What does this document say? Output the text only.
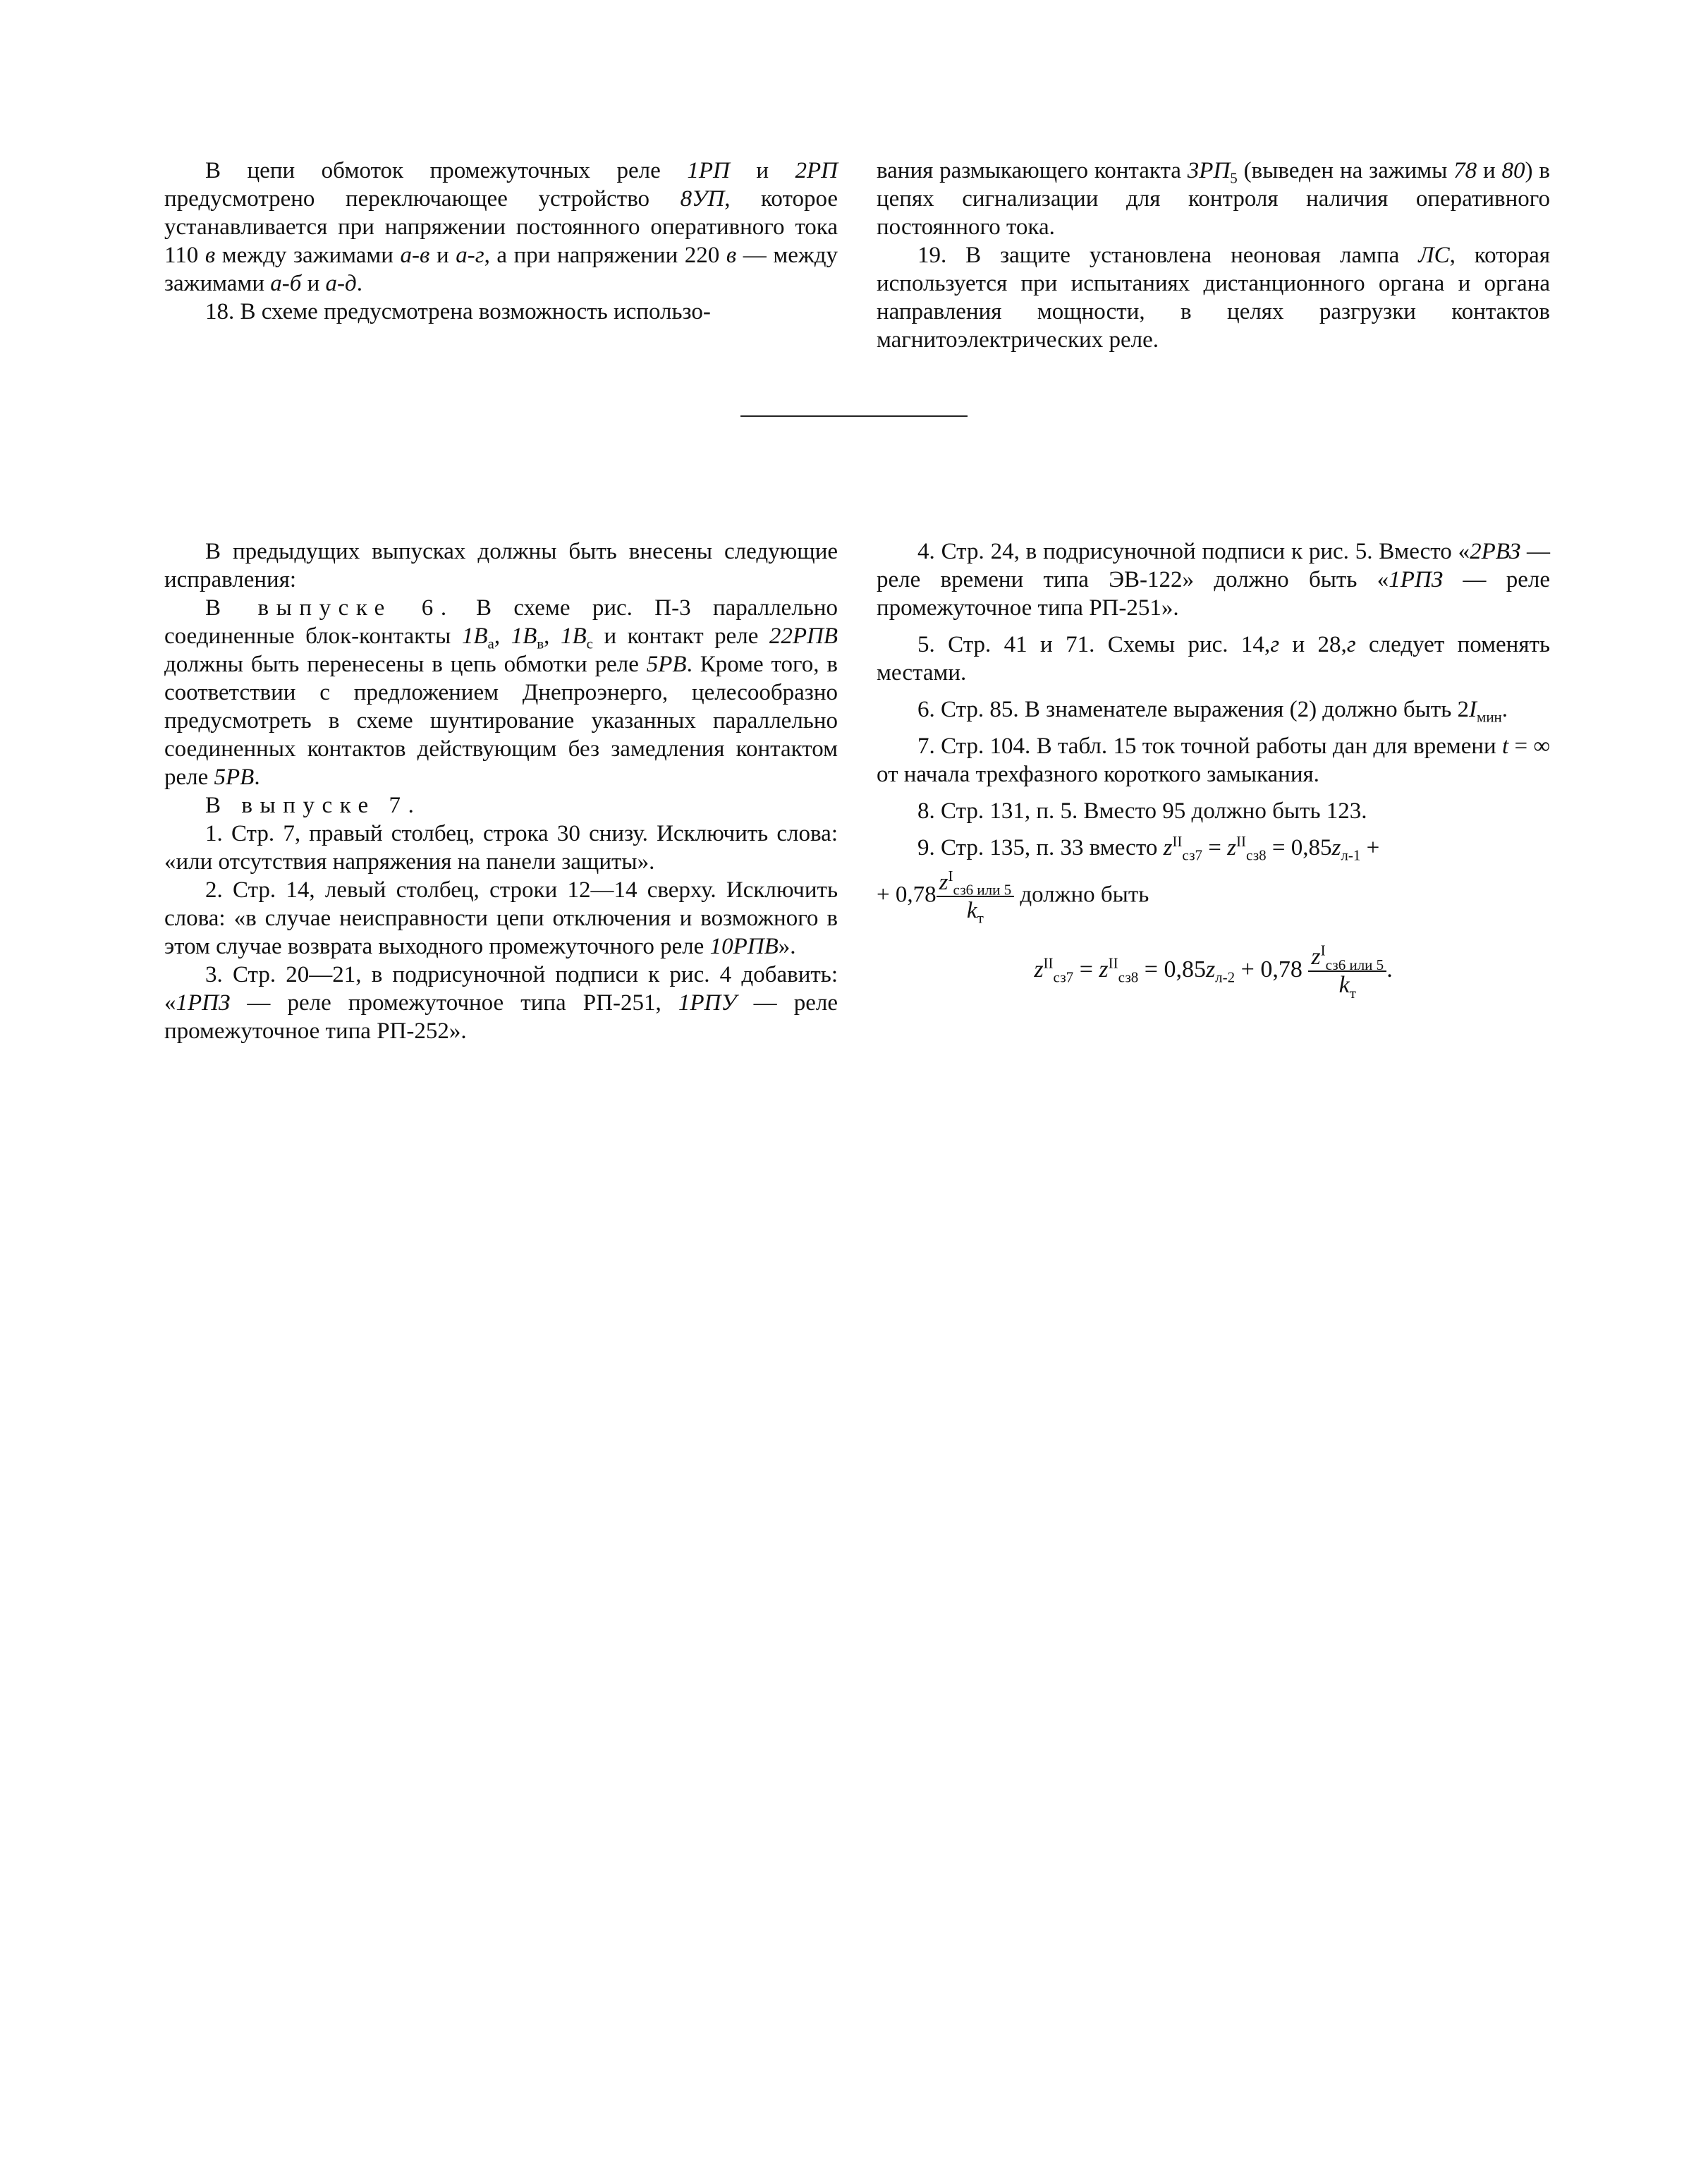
В цепи обмоток промежуточных реле 1РП и 2РП предусмотрено переключающее устройство 8УП, которое устанавливается при напряжении постоянного оперативного тока 110 в между зажимами а-в и а-г, а при напряжении 220 в — между зажимами а-б и а-д.

18. В схеме предусмотрена возможность использо-

вания размыкающего контакта $3РП_5$ (выведен на зажимы 78 и 80) в цепях сигнализации для контроля наличия оперативного постоянного тока.

19. В защите установлена неоновая лампа ЛС, которая используется при испытаниях дистанционного органа и органа направления мощности, в целях разгрузки контактов магнитоэлектрических реле.

В предыдущих выпусках должны быть внесены следующие исправления:

В выпуске 6. В схеме рис. П-3 параллельно соединенные блок-контакты $1В_а$, $1В_в$, $1В_с$ и контакт реле 22РПВ должны быть перенесены в цепь обмотки реле 5РВ. Кроме того, в соответствии с предложением Днепроэнерго, целесообразно предусмотреть в схеме шунтирование указанных параллельно соединенных контактов действующим без замедления контактом реле 5РВ.

В выпуске 7.

1. Стр. 7, правый столбец, строка 30 снизу. Исключить слова: «или отсутствия напряжения на панели защиты».

2. Стр. 14, левый столбец, строки 12—14 сверху. Исключить слова: «в случае неисправности цепи отключения и возможного в этом случае возврата выходного промежуточного реле 10РПВ».

3. Стр. 20—21, в подрисуночной подписи к рис. 4 добавить: «1РПЗ — реле промежуточное типа РП-251, 1РПУ — реле промежуточное типа РП-252».

4. Стр. 24, в подрисуночной подписи к рис. 5. Вместо «2РВЗ — реле времени типа ЭВ-122» должно быть «1РПЗ — реле промежуточное типа РП-251».

5. Стр. 41 и 71. Схемы рис. 14,г и 28,г следует поменять местами.

6. Стр. 85. В знаменателе выражения (2) должно быть $2I_{мин}$.

7. Стр. 104. В табл. 15 ток точной работы дан для времени t = ∞ от начала трехфазного короткого замыкания.

8. Стр. 131, п. 5. Вместо 95 должно быть 123.

9. Стр. 135, п. 33 вместо $z^{II}_{сз7} = z^{II}_{сз8} = 0,85z_{л-1}$ +

+ $0,78 \frac{z^I_{сз6 или 5}}{k_т}$ должно быть

$z^{II}_{сз7} = z^{II}_{сз8} = 0,85z_{л-2} + 0,78 \frac{z^I_{сз6 или 5}}{k_т}$ .
